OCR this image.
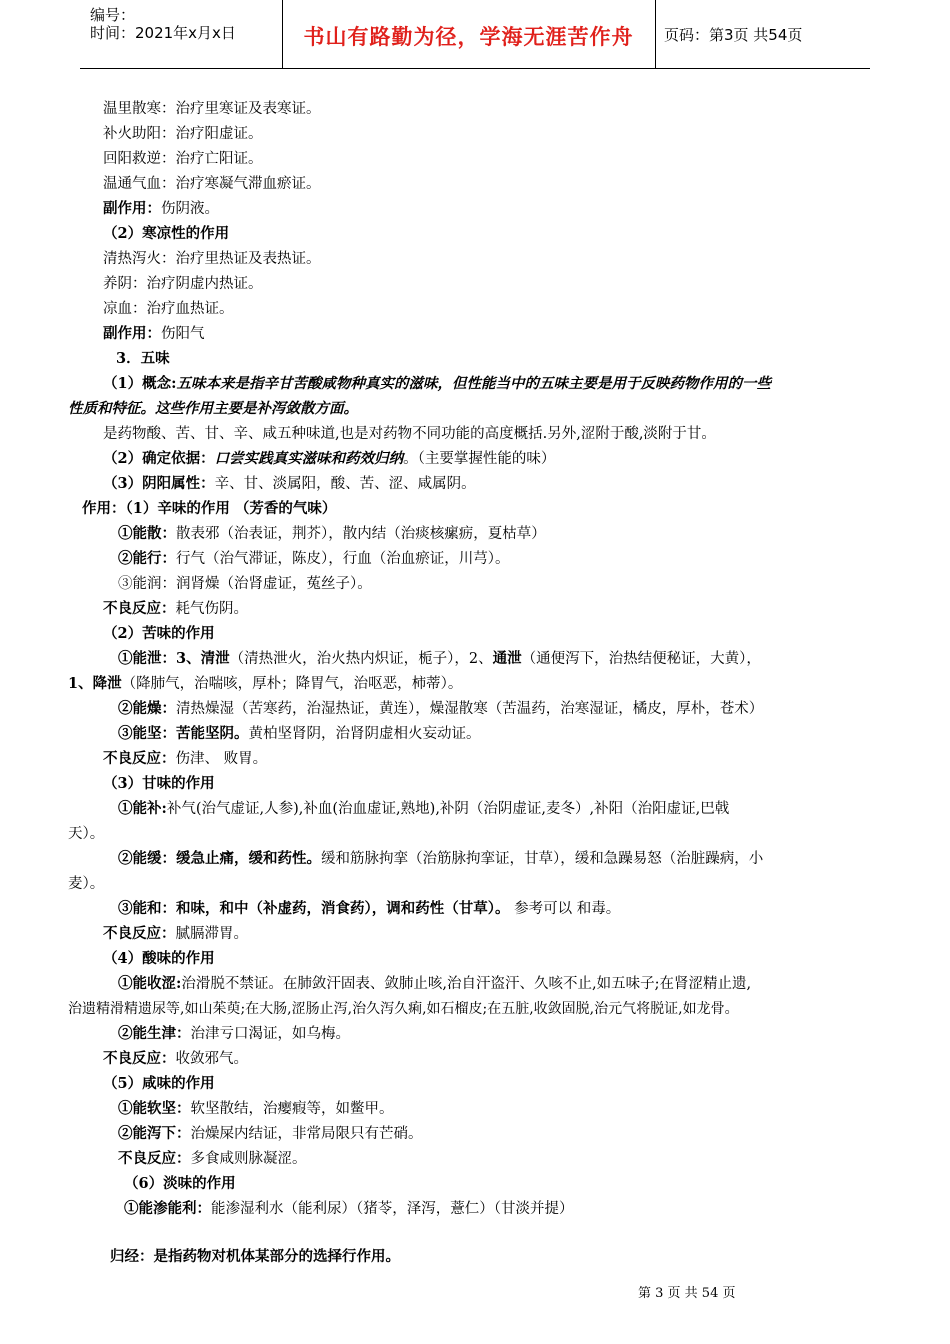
编号：
时间：2021年x月x日	书山有路勤为径，学海无涯苦作舟	页码：第3页 共54页
温里散寒：治疗里寒证及表寒证。
补火助阳：治疗阳虚证。
回阳救逆：治疗亡阳证。
温通气血：治疗寒凝气滞血瘀证。
副作用：伤阴液。
（2）寒凉性的作用
清热泻火：治疗里热证及表热证。
养阴：治疗阴虚内热证。
凉血：治疗血热证。
副作用：伤阳气
3．五味
（1）概念:五味本来是指辛甘苦酸咸物种真实的滋味，但性能当中的五味主要是用于反映药物作用的一些
性质和特征。这些作用主要是补泻敛散方面。
是药物酸、苦、甘、辛、咸五种味道,也是对药物不同功能的高度概括.另外,涩附于酸,淡附于甘。
（2）确定依据：口尝实践真实滋味和药效归纳。（主要掌握性能的味）
（3）阴阳属性：辛、甘、淡属阳，酸、苦、涩、咸属阴。
作用：（1）辛味的作用 （芳香的气味）
①能散：散表邪（治表证，荆芥），散内结（治痰核瘰疬，夏枯草）
②能行：行气（治气滞证，陈皮），行血（治血瘀证，川芎）。
③能润：润肾燥（治肾虚证，菟丝子）。
不良反应：耗气伤阴。
（2）苦味的作用
①能泄：3、清泄（清热泄火，治火热内炽证，栀子），2、通泄（通便泻下，治热结便秘证，大黄），
1、降泄（降肺气，治喘咳，厚朴；降胃气，治呕恶，柿蒂）。
②能燥：清热燥湿（苦寒药，治湿热证，黄连），燥湿散寒（苦温药，治寒湿证，橘皮，厚朴，苍术）
③能坚：苦能坚阴。黄柏坚肾阴，治肾阴虚相火妄动证。
不良反应：伤津、 败胃。
（3）甘味的作用
①能补:补气(治气虚证,人参),补血(治血虚证,熟地),补阴（治阴虚证,麦冬）,补阳（治阳虚证,巴戟
天）。
②能缓：缓急止痛，缓和药性。缓和筋脉拘挛（治筋脉拘挛证，甘草），缓和急躁易怒（治脏躁病，小
麦）。
③能和：和味，和中（补虚药，消食药），调和药性（甘草）。 参考可以 和毒。
不良反应：腻膈滞胃。
（4）酸味的作用
①能收涩:治滑脱不禁证。在肺敛汗固表、敛肺止咳,治自汗盗汗、久咳不止,如五味子;在肾涩精止遗,
治遗精滑精遗尿等,如山茱萸;在大肠,涩肠止泻,治久泻久痢,如石榴皮;在五脏,收敛固脱,治元气将脱证,如龙骨。
②能生津：治津亏口渴证，如乌梅。
不良反应：收敛邪气。
（5）咸味的作用
①能软坚：软坚散结，治瘿瘕等，如鳖甲。
②能泻下：治燥屎内结证，非常局限只有芒硝。
不良反应：多食咸则脉凝涩。
（6）淡味的作用
①能渗能利：能渗湿利水（能利尿）（猪苓，泽泻，薏仁）（甘淡并提）
归经：是指药物对机体某部分的选择行作用。
第 3 页 共 54 页
